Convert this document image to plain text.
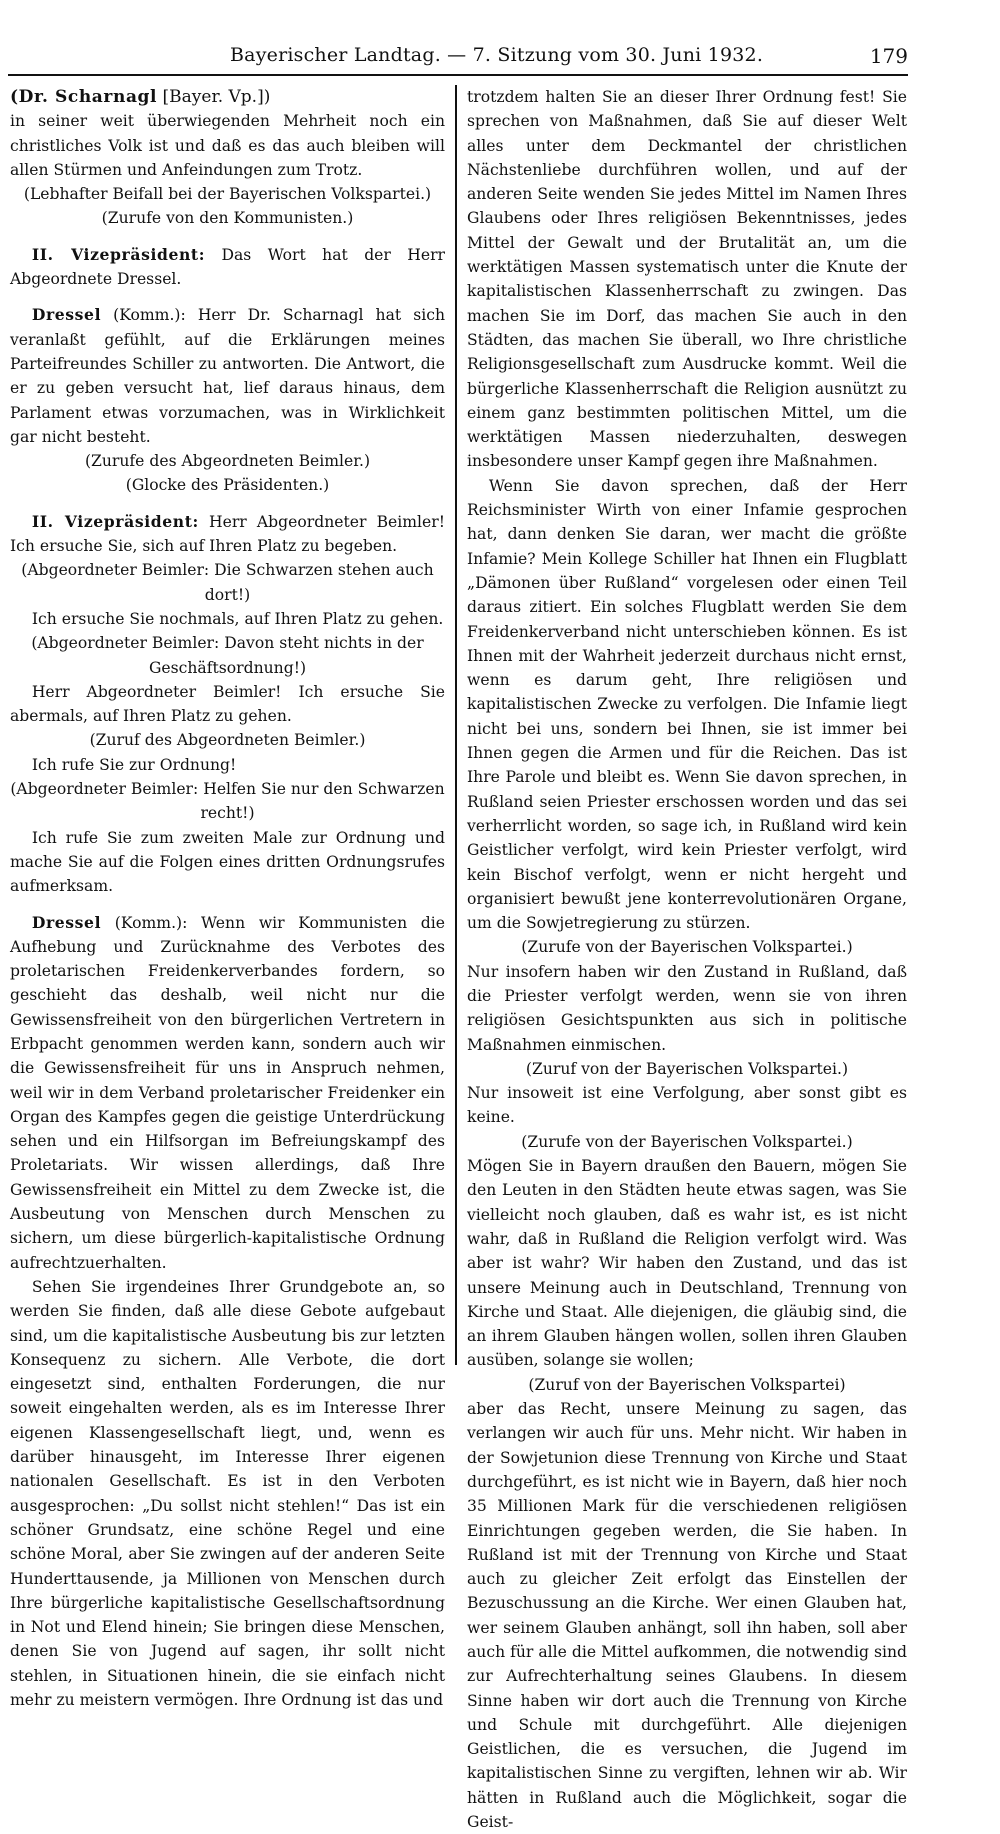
Bayerischer Landtag. — 7. Sitzung vom 30. Juni 1932.	179

(Dr. Scharnagl [Bayer. Vp.])

in seiner weit überwiegenden Mehrheit noch ein christliches Volk ist und daß es das auch bleiben will allen Stürmen und Anfeindungen zum Trotz.

(Lebhafter Beifall bei der Bayerischen Volkspartei.)

(Zurufe von den Kommunisten.)

II. Vizepräsident: Das Wort hat der Herr Abgeordnete Dressel.

Dressel (Komm.): Herr Dr. Scharnagl hat sich veranlaßt gefühlt, auf die Erklärungen meines Parteifreundes Schiller zu antworten. Die Antwort, die er zu geben versucht hat, lief daraus hinaus, dem Parlament etwas vorzumachen, was in Wirklichkeit gar nicht besteht.

(Zurufe des Abgeordneten Beimler.)

(Glocke des Präsidenten.)

II. Vizepräsident: Herr Abgeordneter Beimler! Ich ersuche Sie, sich auf Ihren Platz zu begeben.

(Abgeordneter Beimler: Die Schwarzen stehen auch dort!)

Ich ersuche Sie nochmals, auf Ihren Platz zu gehen.

(Abgeordneter Beimler: Davon steht nichts in der Geschäftsordnung!)

Herr Abgeordneter Beimler! Ich ersuche Sie abermals, auf Ihren Platz zu gehen.

(Zuruf des Abgeordneten Beimler.)

Ich rufe Sie zur Ordnung!

(Abgeordneter Beimler: Helfen Sie nur den Schwarzen recht!)

Ich rufe Sie zum zweiten Male zur Ordnung und mache Sie auf die Folgen eines dritten Ordnungsrufes aufmerksam.

Dressel (Komm.): Wenn wir Kommunisten die Aufhebung und Zurücknahme des Verbotes des proletarischen Freidenkerverbandes fordern, so geschieht das deshalb, weil nicht nur die Gewissensfreiheit von den bürgerlichen Vertretern in Erbpacht genommen werden kann, sondern auch wir die Gewissensfreiheit für uns in Anspruch nehmen, weil wir in dem Verband proletarischer Freidenker ein Organ des Kampfes gegen die geistige Unterdrückung sehen und ein Hilfsorgan im Befreiungskampf des Proletariats. Wir wissen allerdings, daß Ihre Gewissensfreiheit ein Mittel zu dem Zwecke ist, die Ausbeutung von Menschen durch Menschen zu sichern, um diese bürgerlich-kapitalistische Ordnung aufrechtzuerhalten.

Sehen Sie irgendeines Ihrer Grundgebote an, so werden Sie finden, daß alle diese Gebote aufgebaut sind, um die kapitalistische Ausbeutung bis zur letzten Konsequenz zu sichern. Alle Verbote, die dort eingesetzt sind, enthalten Forderungen, die nur soweit eingehalten werden, als es im Interesse Ihrer eigenen Klassengesellschaft liegt, und, wenn es darüber hinausgeht, im Interesse Ihrer eigenen nationalen Gesellschaft. Es ist in den Verboten ausgesprochen: „Du sollst nicht stehlen!“ Das ist ein schöner Grundsatz, eine schöne Regel und eine schöne Moral, aber Sie zwingen auf der anderen Seite Hunderttausende, ja Millionen von Menschen durch Ihre bürgerliche kapitalistische Gesellschaftsordnung in Not und Elend hinein; Sie bringen diese Menschen, denen Sie von Jugend auf sagen, ihr sollt nicht stehlen, in Situationen hinein, die sie einfach nicht mehr zu meistern vermögen. Ihre Ordnung ist das und

trotzdem halten Sie an dieser Ihrer Ordnung fest! Sie sprechen von Maßnahmen, daß Sie auf dieser Welt alles unter dem Deckmantel der christlichen Nächstenliebe durchführen wollen, und auf der anderen Seite wenden Sie jedes Mittel im Namen Ihres Glaubens oder Ihres religiösen Bekenntnisses, jedes Mittel der Gewalt und der Brutalität an, um die werktätigen Massen systematisch unter die Knute der kapitalistischen Klassenherrschaft zu zwingen. Das machen Sie im Dorf, das machen Sie auch in den Städten, das machen Sie überall, wo Ihre christliche Religionsgesellschaft zum Ausdrucke kommt. Weil die bürgerliche Klassenherrschaft die Religion ausnützt zu einem ganz bestimmten politischen Mittel, um die werktätigen Massen niederzuhalten, deswegen insbesondere unser Kampf gegen ihre Maßnahmen.

Wenn Sie davon sprechen, daß der Herr Reichsminister Wirth von einer Infamie gesprochen hat, dann denken Sie daran, wer macht die größte Infamie? Mein Kollege Schiller hat Ihnen ein Flugblatt „Dämonen über Rußland“ vorgelesen oder einen Teil daraus zitiert. Ein solches Flugblatt werden Sie dem Freidenkerverband nicht unterschieben können. Es ist Ihnen mit der Wahrheit jederzeit durchaus nicht ernst, wenn es darum geht, Ihre religiösen und kapitalistischen Zwecke zu verfolgen. Die Infamie liegt nicht bei uns, sondern bei Ihnen, sie ist immer bei Ihnen gegen die Armen und für die Reichen. Das ist Ihre Parole und bleibt es. Wenn Sie davon sprechen, in Rußland seien Priester erschossen worden und das sei verherrlicht worden, so sage ich, in Rußland wird kein Geistlicher verfolgt, wird kein Priester verfolgt, wird kein Bischof verfolgt, wenn er nicht hergeht und organisiert bewußt jene konterrevolutionären Organe, um die Sowjetregierung zu stürzen.

(Zurufe von der Bayerischen Volkspartei.)

Nur insofern haben wir den Zustand in Rußland, daß die Priester verfolgt werden, wenn sie von ihren religiösen Gesichtspunkten aus sich in politische Maßnahmen einmischen.

(Zuruf von der Bayerischen Volkspartei.)

Nur insoweit ist eine Verfolgung, aber sonst gibt es keine.

(Zurufe von der Bayerischen Volkspartei.)

Mögen Sie in Bayern draußen den Bauern, mögen Sie den Leuten in den Städten heute etwas sagen, was Sie vielleicht noch glauben, daß es wahr ist, es ist nicht wahr, daß in Rußland die Religion verfolgt wird. Was aber ist wahr? Wir haben den Zustand, und das ist unsere Meinung auch in Deutschland, Trennung von Kirche und Staat. Alle diejenigen, die gläubig sind, die an ihrem Glauben hängen wollen, sollen ihren Glauben ausüben, solange sie wollen;

(Zuruf von der Bayerischen Volkspartei)

aber das Recht, unsere Meinung zu sagen, das verlangen wir auch für uns. Mehr nicht. Wir haben in der Sowjetunion diese Trennung von Kirche und Staat durchgeführt, es ist nicht wie in Bayern, daß hier noch 35 Millionen Mark für die verschiedenen religiösen Einrichtungen gegeben werden, die Sie haben. In Rußland ist mit der Trennung von Kirche und Staat auch zu gleicher Zeit erfolgt das Einstellen der Bezuschussung an die Kirche. Wer einen Glauben hat, wer seinem Glauben anhängt, soll ihn haben, soll aber auch für alle die Mittel aufkommen, die notwendig sind zur Aufrechterhaltung seines Glaubens. In diesem Sinne haben wir dort auch die Trennung von Kirche und Schule mit durchgeführt. Alle diejenigen Geistlichen, die es versuchen, die Jugend im kapitalistischen Sinne zu vergiften, lehnen wir ab. Wir hätten in Rußland auch die Möglichkeit, sogar die Geist-
